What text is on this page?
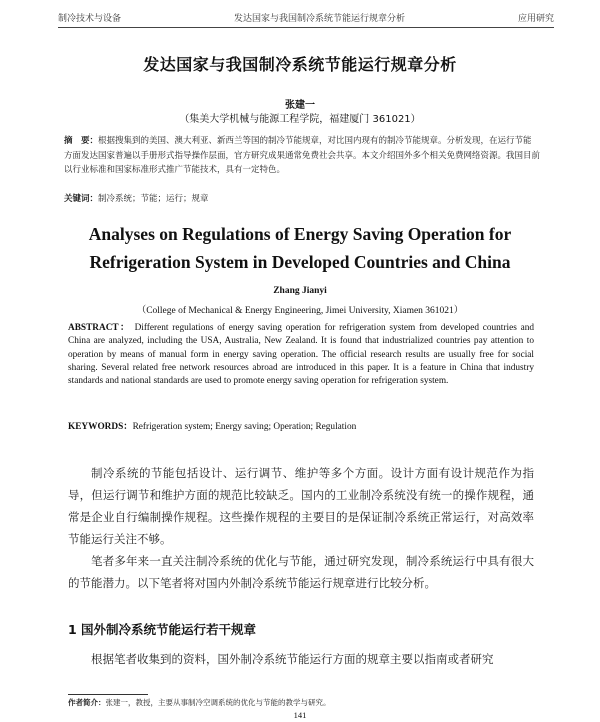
制冷技术与设备	发达国家与我国制冷系统节能运行规章分析	应用研究
发达国家与我国制冷系统节能运行规章分析
张建一
（集美大学机械与能源工程学院，福建厦门 361021）
摘　要：根据搜集到的美国、澳大利亚、新西兰等国的制冷节能规章，对比国内现有的制冷节能规章。分析发现，在运行节能方面发达国家普遍以手册形式指导操作层面，官方研究成果通常免费社会共享。本文介绍国外多个相关免费网络资源。我国目前以行业标准和国家标准形式推广节能技术，具有一定特色。
关键词：制冷系统；节能；运行；规章
Analyses on Regulations of Energy Saving Operation for
Refrigeration System in Developed Countries and China
Zhang Jianyi
（College of Mechanical & Energy Engineering, Jimei University, Xiamen 361021）
ABSTRACT： Different regulations of energy saving operation for refrigeration system from developed countries and China are analyzed, including the USA, Australia, New Zealand. It is found that industrialized countries pay attention to operation by means of manual form in energy saving operation. The official research results are usually free for social sharing. Several related free network resources abroad are introduced in this paper. It is a feature in China that industry standards and national standards are used to promote energy saving operation for refrigeration system.
KEYWORDS：Refrigeration system; Energy saving; Operation; Regulation

制冷系统的节能包括设计、运行调节、维护等多个方面。设计方面有设计规范作为指导，但运行调节和维护方面的规范比较缺乏。国内的工业制冷系统没有统一的操作规程，通常是企业自行编制操作规程。这些操作规程的主要目的是保证制冷系统正常运行，对高效率节能运行关注不够。

笔者多年来一直关注制冷系统的优化与节能，通过研究发现，制冷系统运行中具有很大的节能潜力。以下笔者将对国内外制冷系统节能运行规章进行比较分析。

1 国外制冷系统节能运行若干规章

根据笔者收集到的资料，国外制冷系统节能运行方面的规章主要以指南或者研究

作者简介：张建一，教授，主要从事制冷空调系统的优化与节能的教学与研究。
141
